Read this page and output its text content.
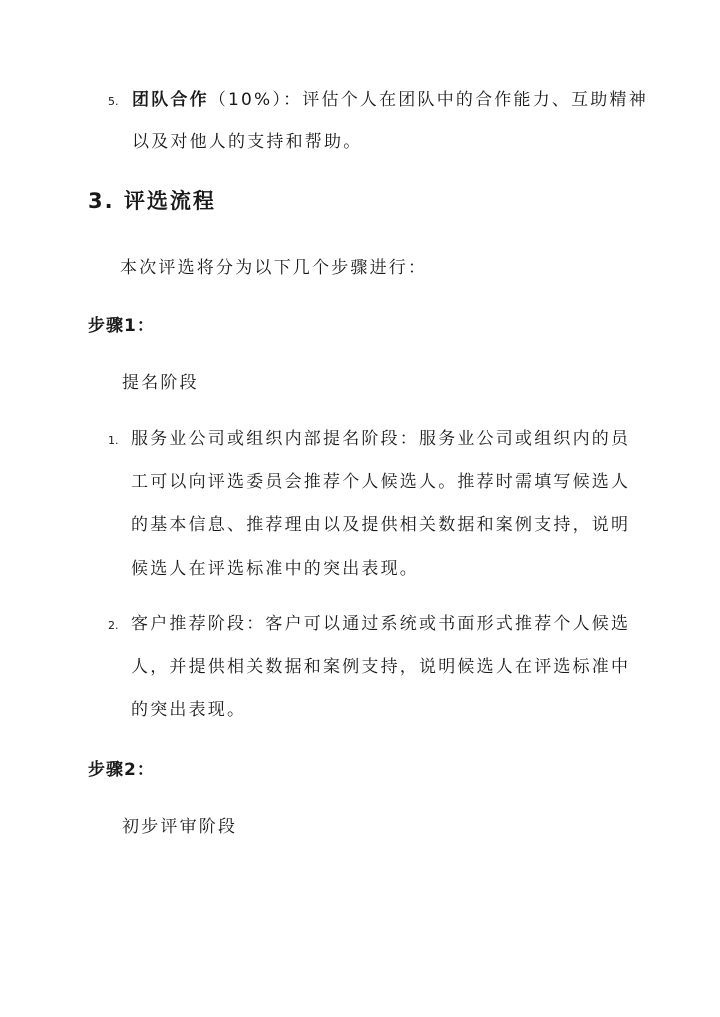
5. 团队合作（10%）：评估个人在团队中的合作能力、互助精神
以及对他人的支持和帮助。
3. 评选流程
本次评选将分为以下几个步骤进行：
步骤1：
提名阶段
1. 服务业公司或组织内部提名阶段：服务业公司或组织内的员
工可以向评选委员会推荐个人候选人。推荐时需填写候选人
的基本信息、推荐理由以及提供相关数据和案例支持，说明
候选人在评选标准中的突出表现。
2. 客户推荐阶段：客户可以通过系统或书面形式推荐个人候选
人，并提供相关数据和案例支持，说明候选人在评选标准中
的突出表现。
步骤2：
初步评审阶段
